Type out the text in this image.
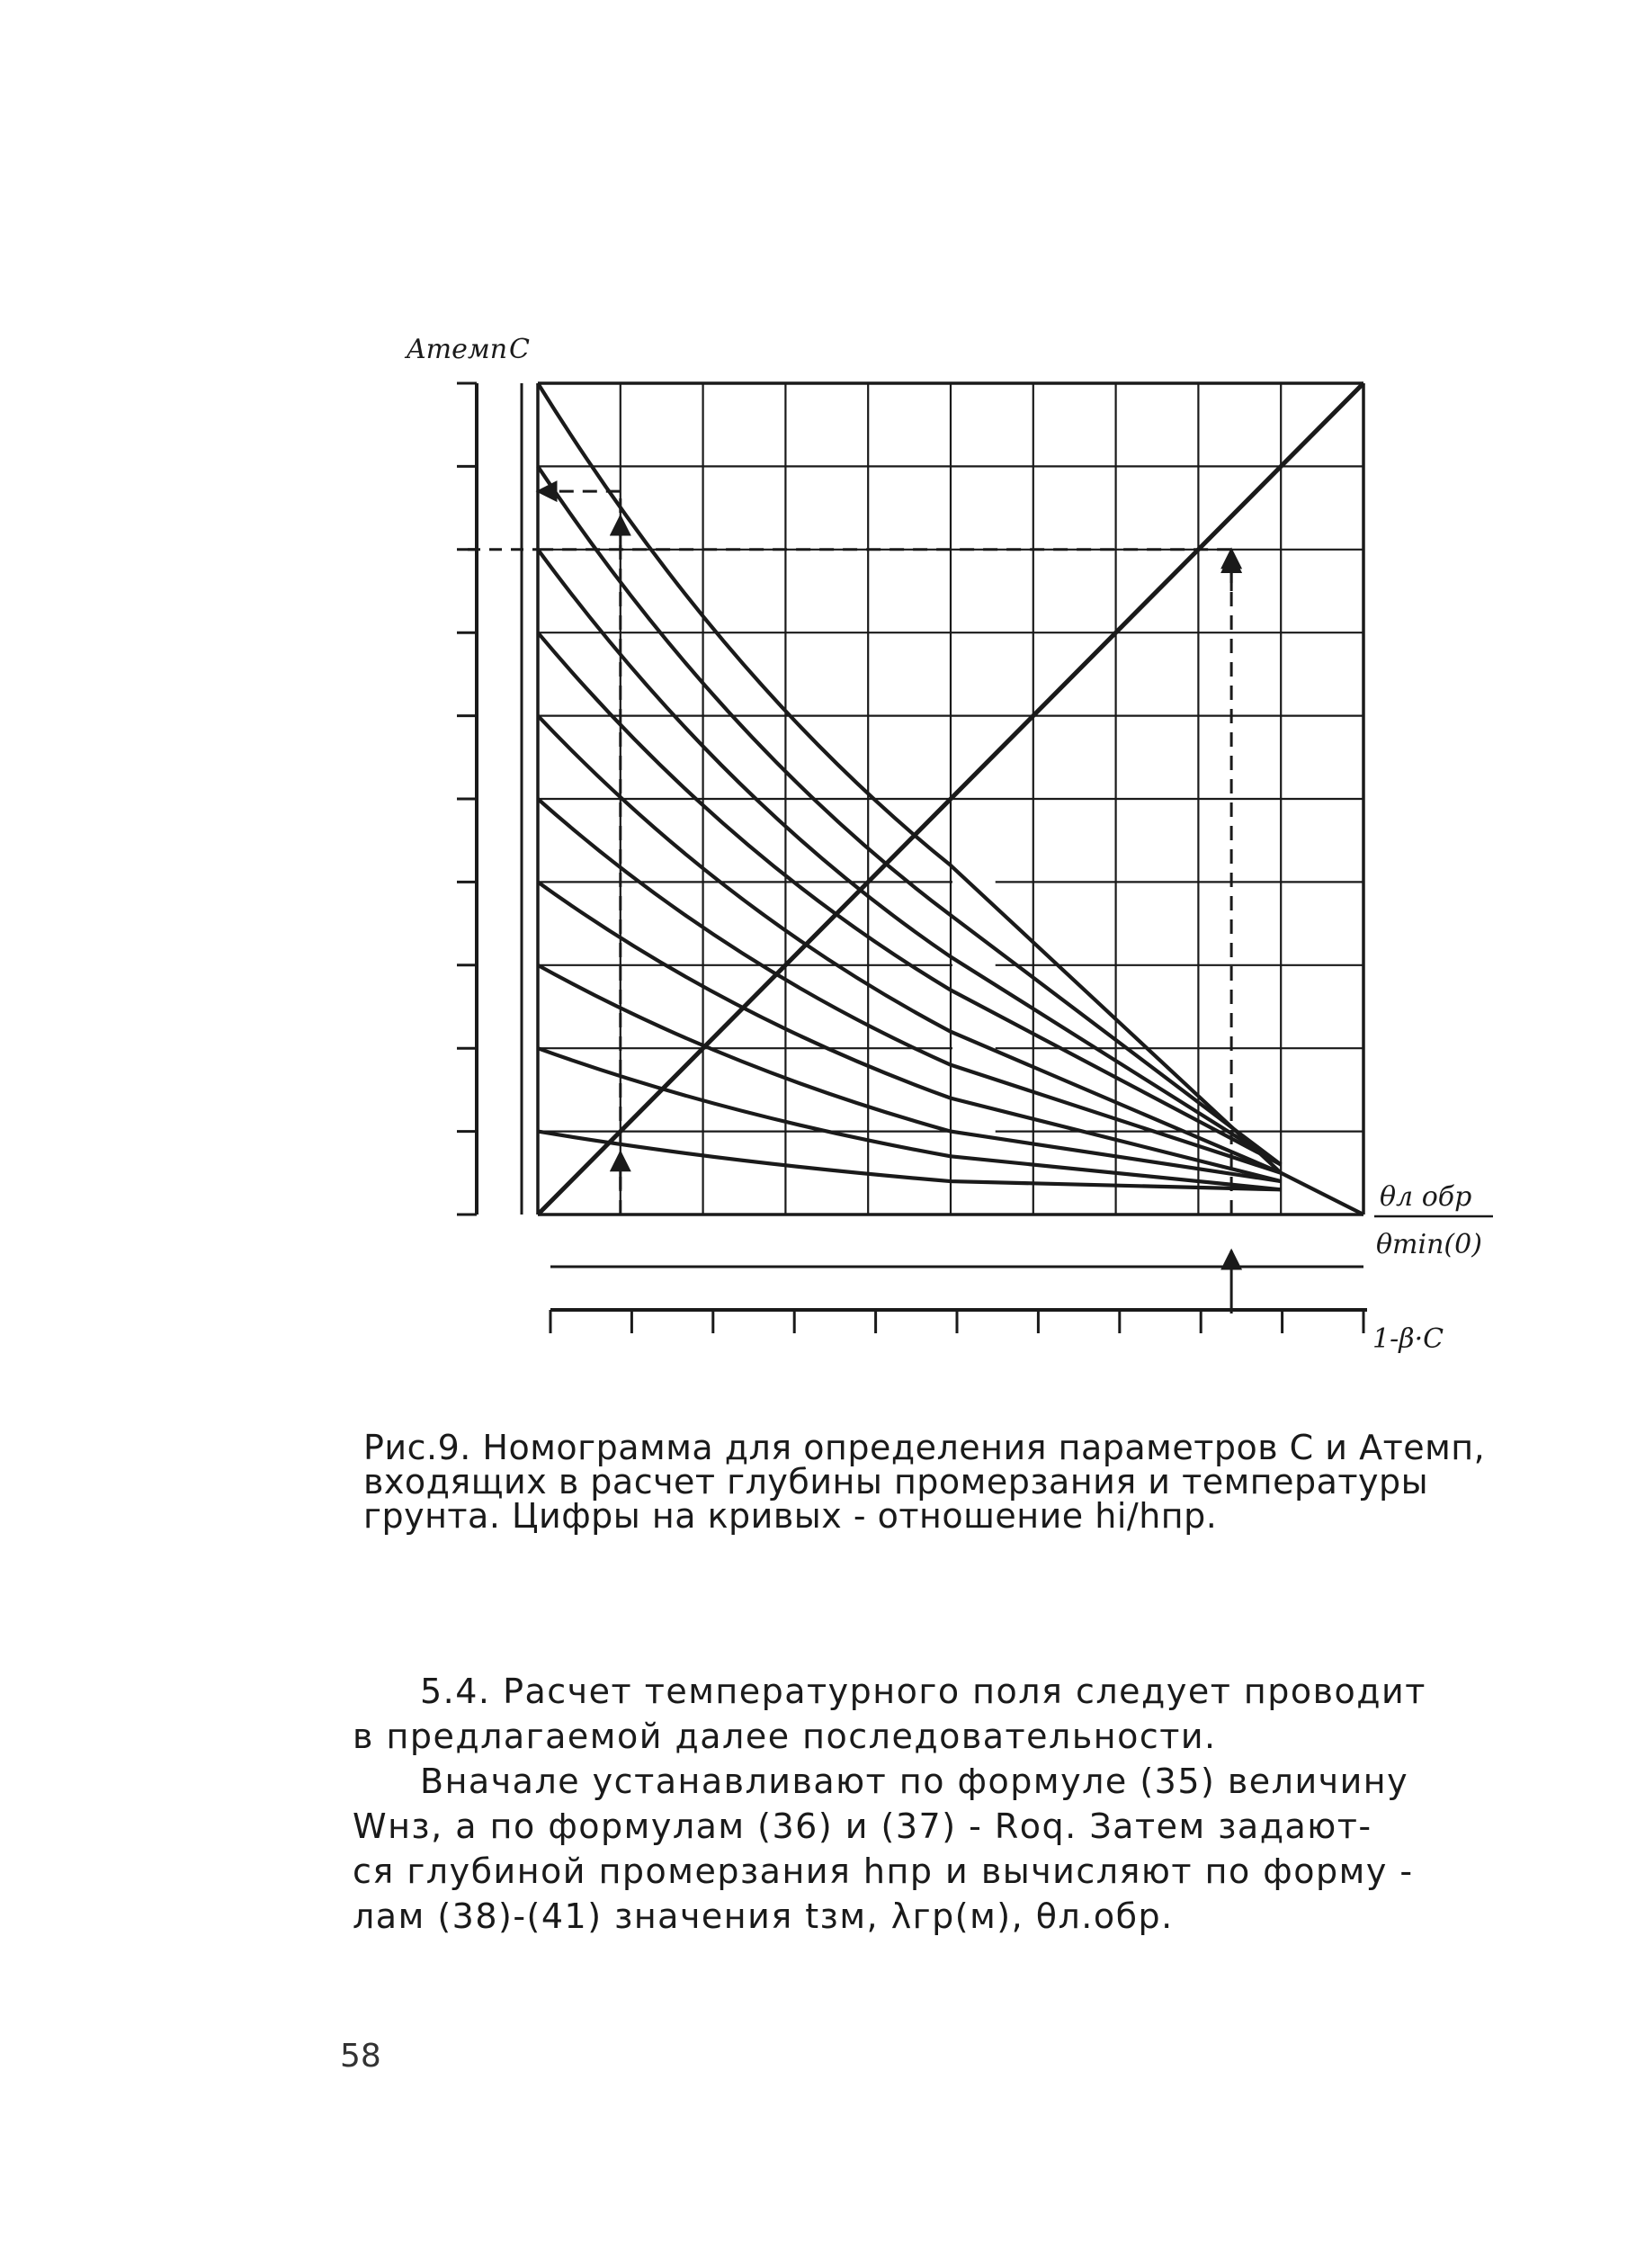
Aтемп C
θл обр
θmin(0)
1-β·C
Рис.9. Номограмма для определения параметров С и Атемп,
входящих в расчет глубины промерзания и температуры
грунта. Цифры на кривых - отношение hi/hпр.
5.4. Расчет температурного поля следует проводит
в предлагаемой далее последовательности.
Вначале устанавливают по формуле (35) величину
Wнз, а по формулам (36) и (37) - Rоq. Затем задают-
ся глубиной промерзания hпр и вычисляют по форму -
лам (38)-(41) значения tзм, λгр(м), θл.обр.
58
